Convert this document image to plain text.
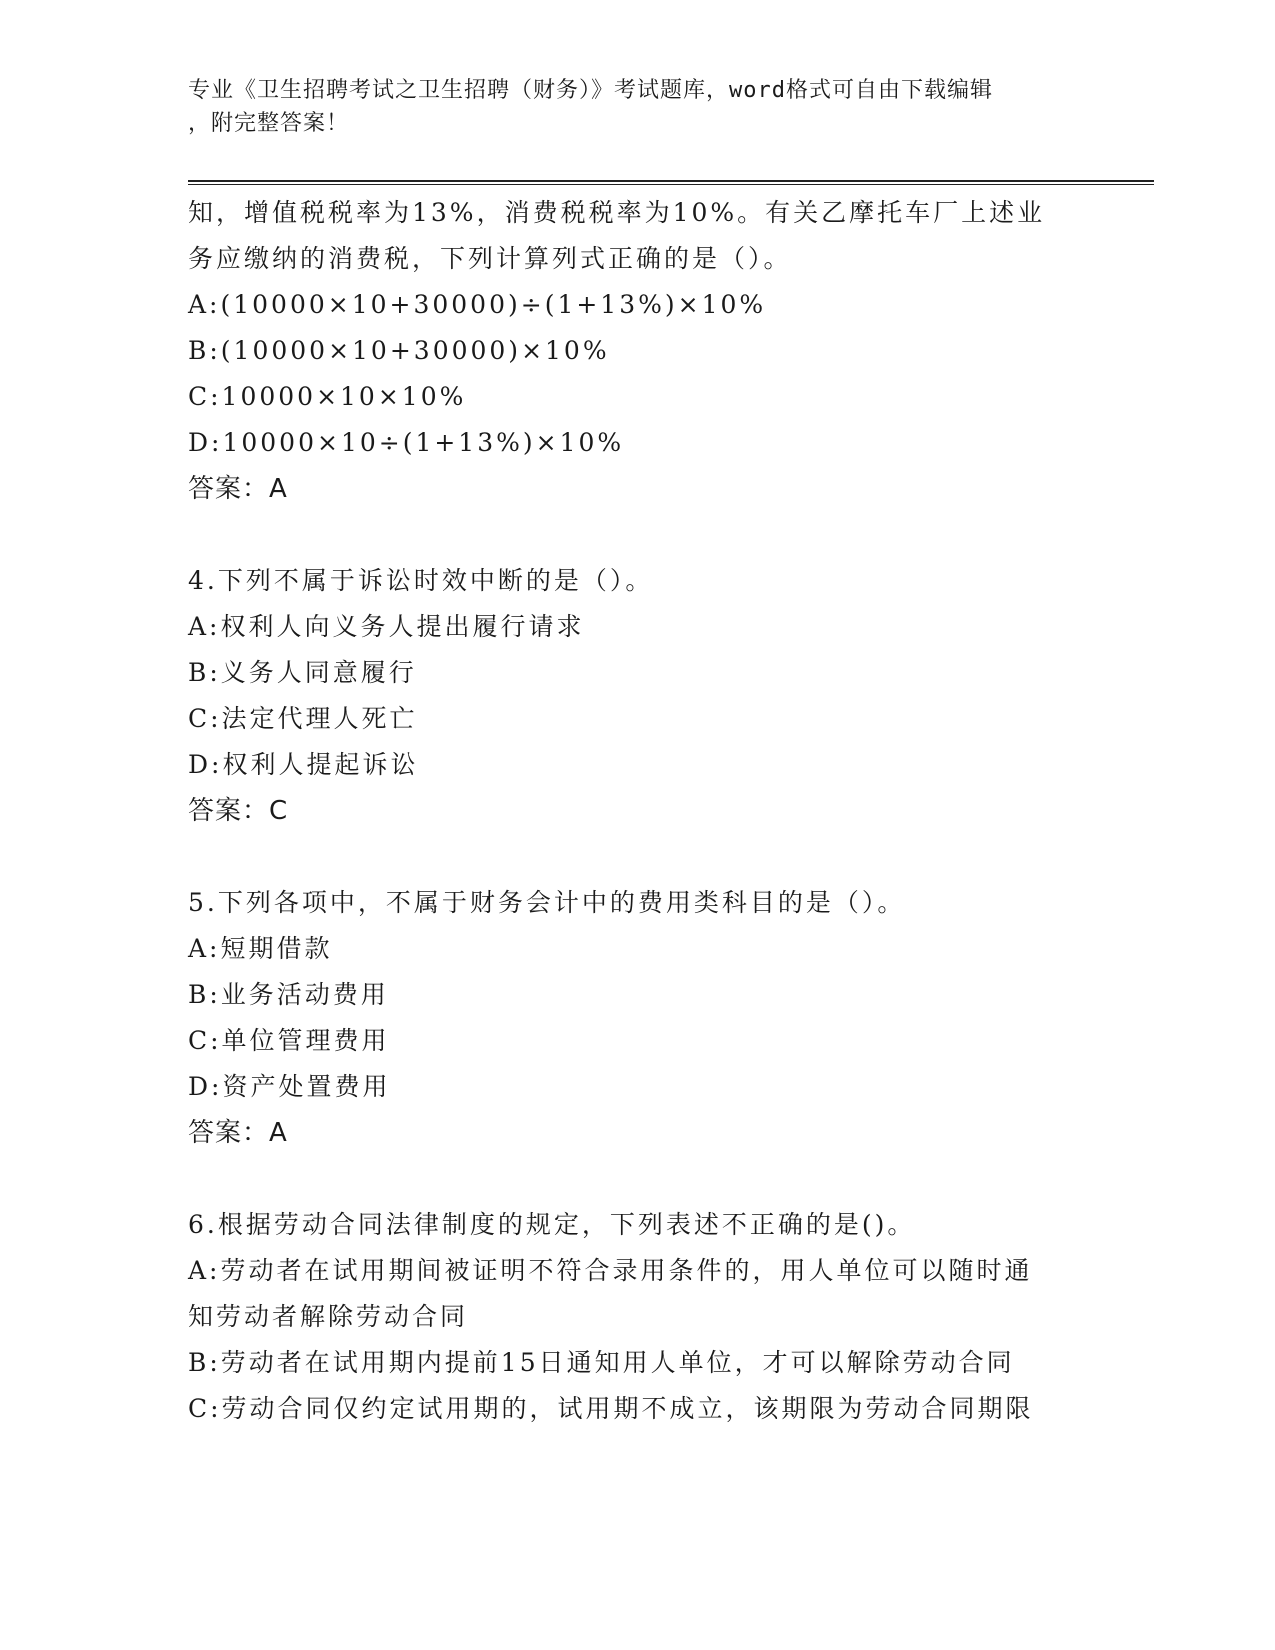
专业《卫生招聘考试之卫生招聘（财务）》考试题库，word格式可自由下载编辑
，附完整答案！
知，增值税税率为13%，消费税税率为10%。有关乙摩托车厂上述业
务应缴纳的消费税，下列计算列式正确的是（）。
A:(10000×10+30000)÷(1+13%)×10%
B:(10000×10+30000)×10%
C:10000×10×10%
D:10000×10÷(1+13%)×10%
答案：A
4.下列不属于诉讼时效中断的是（）。
A:权利人向义务人提出履行请求
B:义务人同意履行
C:法定代理人死亡
D:权利人提起诉讼
答案：C
5.下列各项中，不属于财务会计中的费用类科目的是（）。
A:短期借款
B:业务活动费用
C:单位管理费用
D:资产处置费用
答案：A
6.根据劳动合同法律制度的规定，下列表述不正确的是()。
A:劳动者在试用期间被证明不符合录用条件的，用人单位可以随时通
知劳动者解除劳动合同
B:劳动者在试用期内提前15日通知用人单位，才可以解除劳动合同
C:劳动合同仅约定试用期的，试用期不成立，该期限为劳动合同期限
